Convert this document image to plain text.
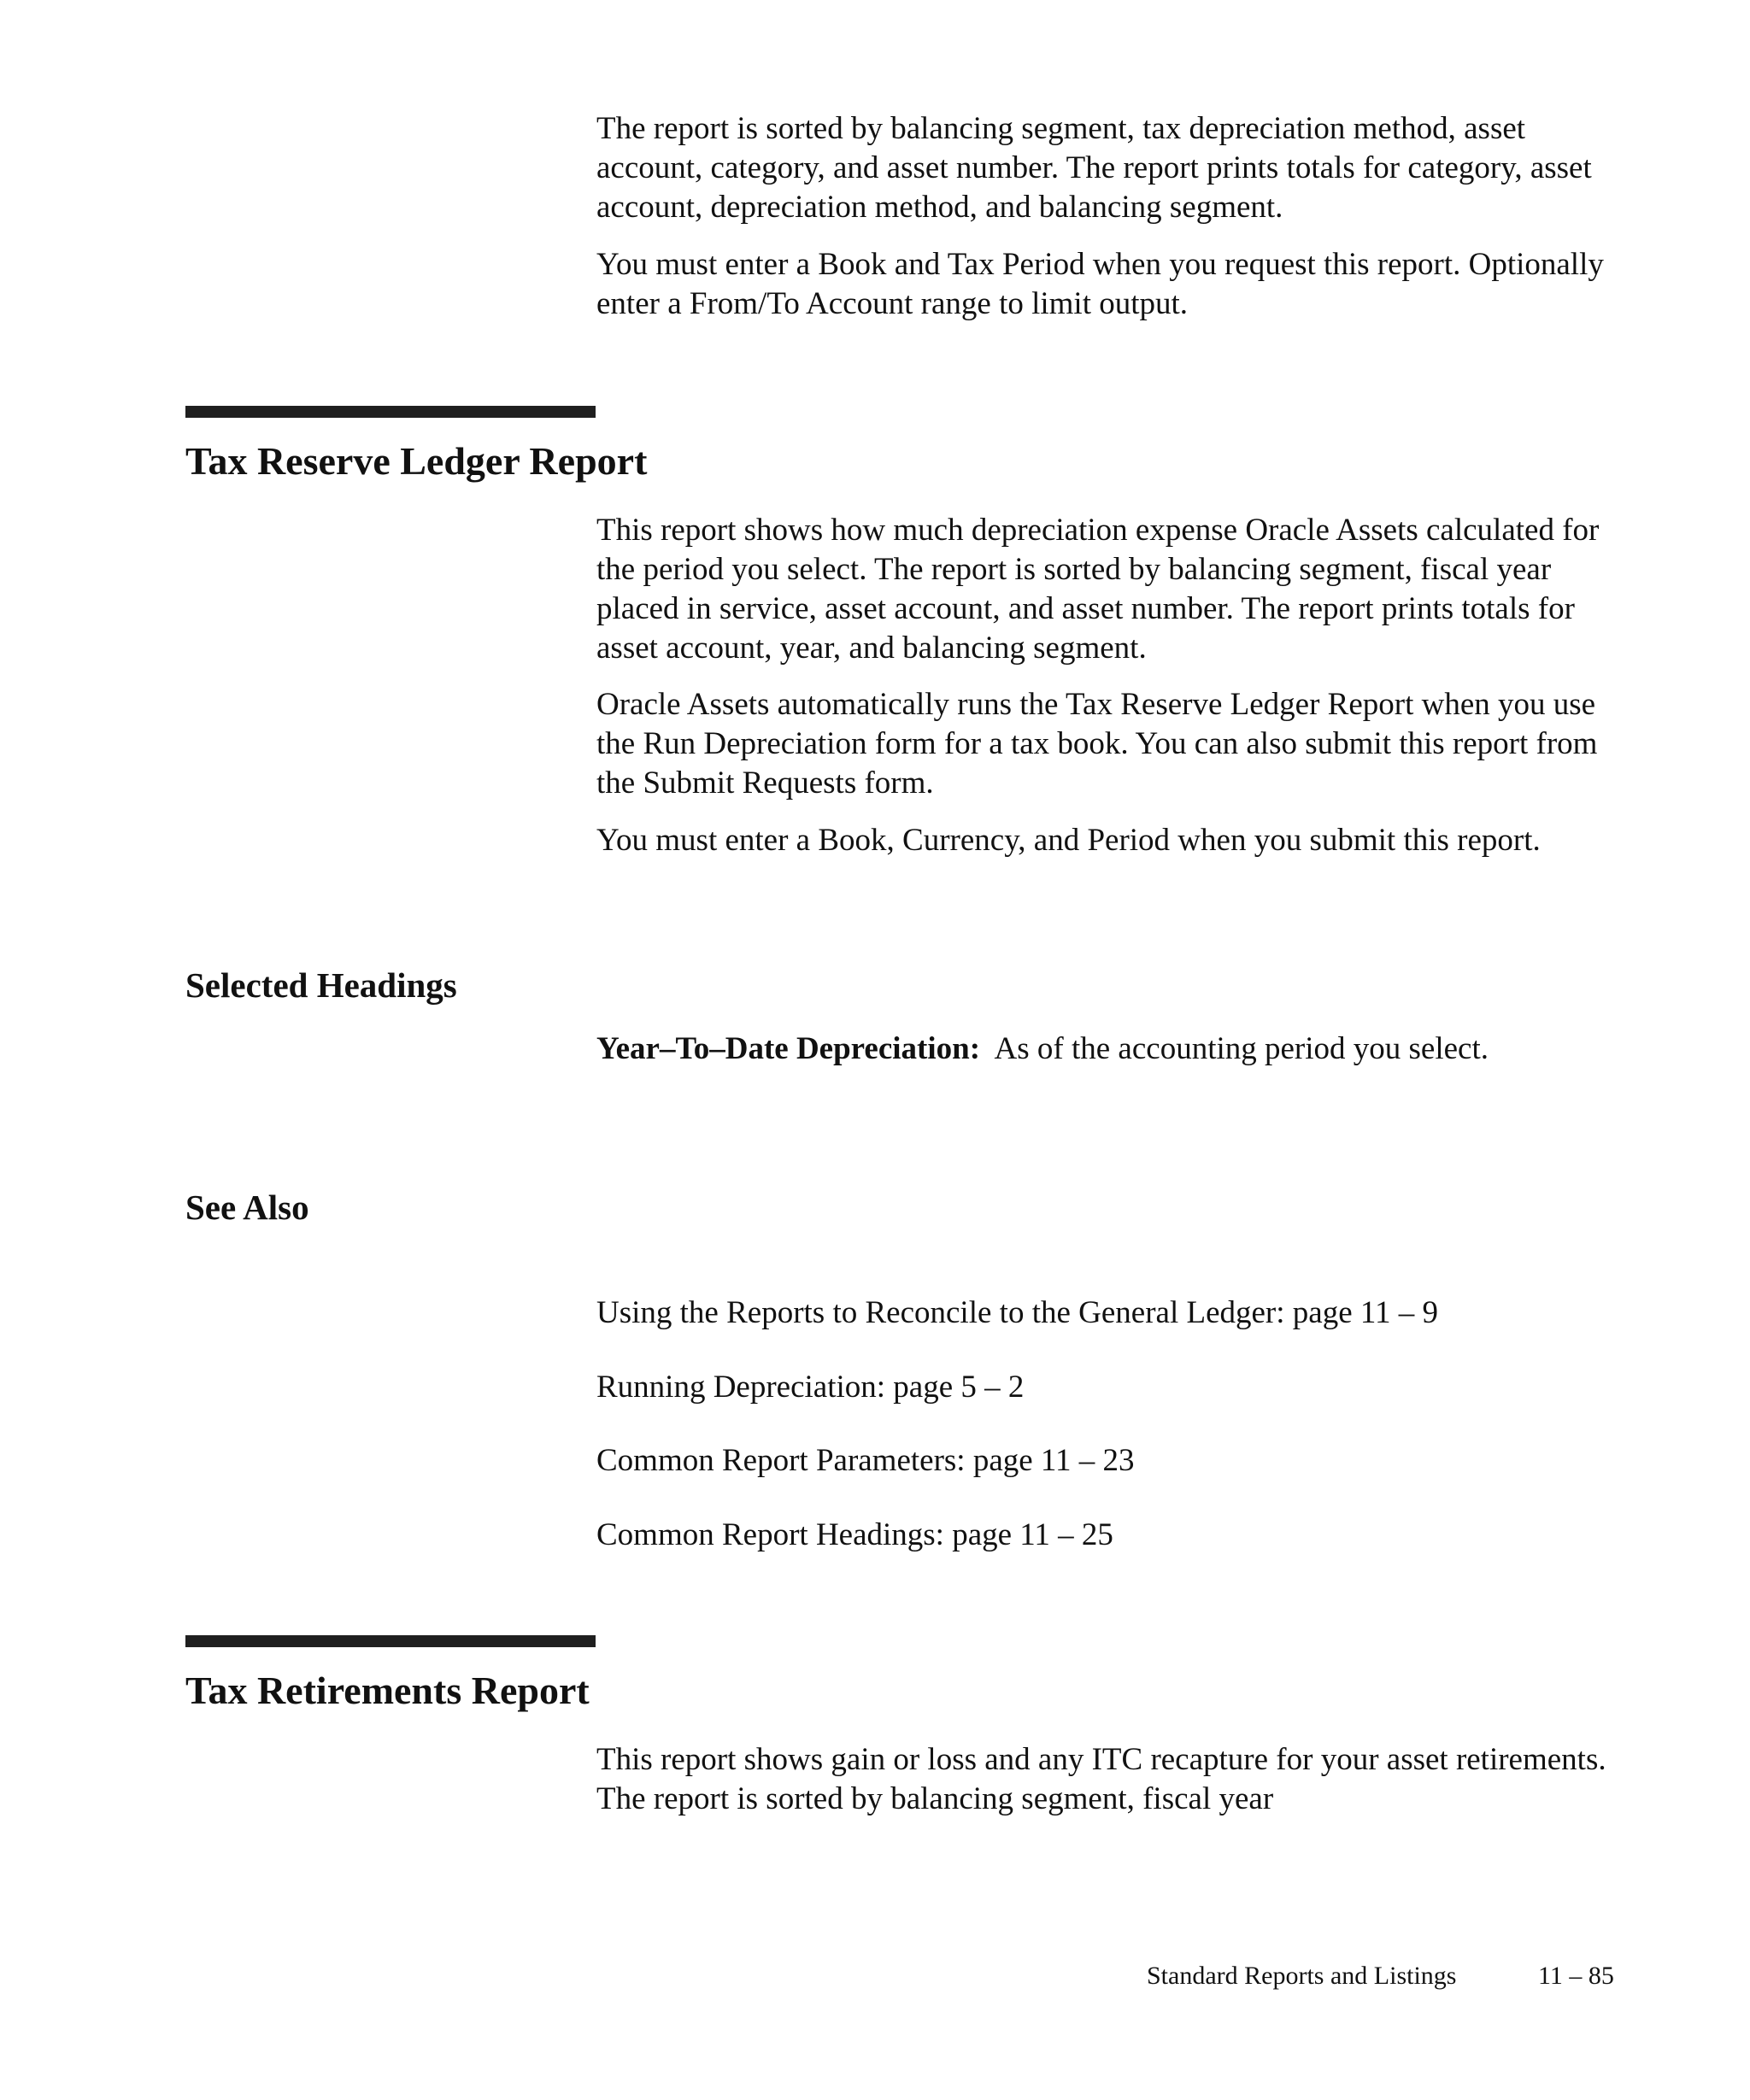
The report is sorted by balancing segment, tax depreciation method, asset account, category, and asset number. The report prints totals for category, asset account, depreciation method, and balancing segment.

You must enter a Book and Tax Period when you request this report. Optionally enter a From/To Account range to limit output.

Tax Reserve Ledger Report

This report shows how much depreciation expense Oracle Assets calculated for the period you select. The report is sorted by balancing segment, fiscal year placed in service, asset account, and asset number. The report prints totals for asset account, year, and balancing segment.

Oracle Assets automatically runs the Tax Reserve Ledger Report when you use the Run Depreciation form for a tax book. You can also submit this report from the Submit Requests form.

You must enter a Book, Currency, and Period when you submit this report.

Selected Headings

Year–To–Date Depreciation: As of the accounting period you select.

See Also

Using the Reports to Reconcile to the General Ledger: page 11 – 9

Running Depreciation: page 5 – 2

Common Report Parameters: page 11 – 23

Common Report Headings: page 11 – 25

Tax Retirements Report

This report shows gain or loss and any ITC recapture for your asset retirements. The report is sorted by balancing segment, fiscal year

Standard Reports and Listings	11 – 85
